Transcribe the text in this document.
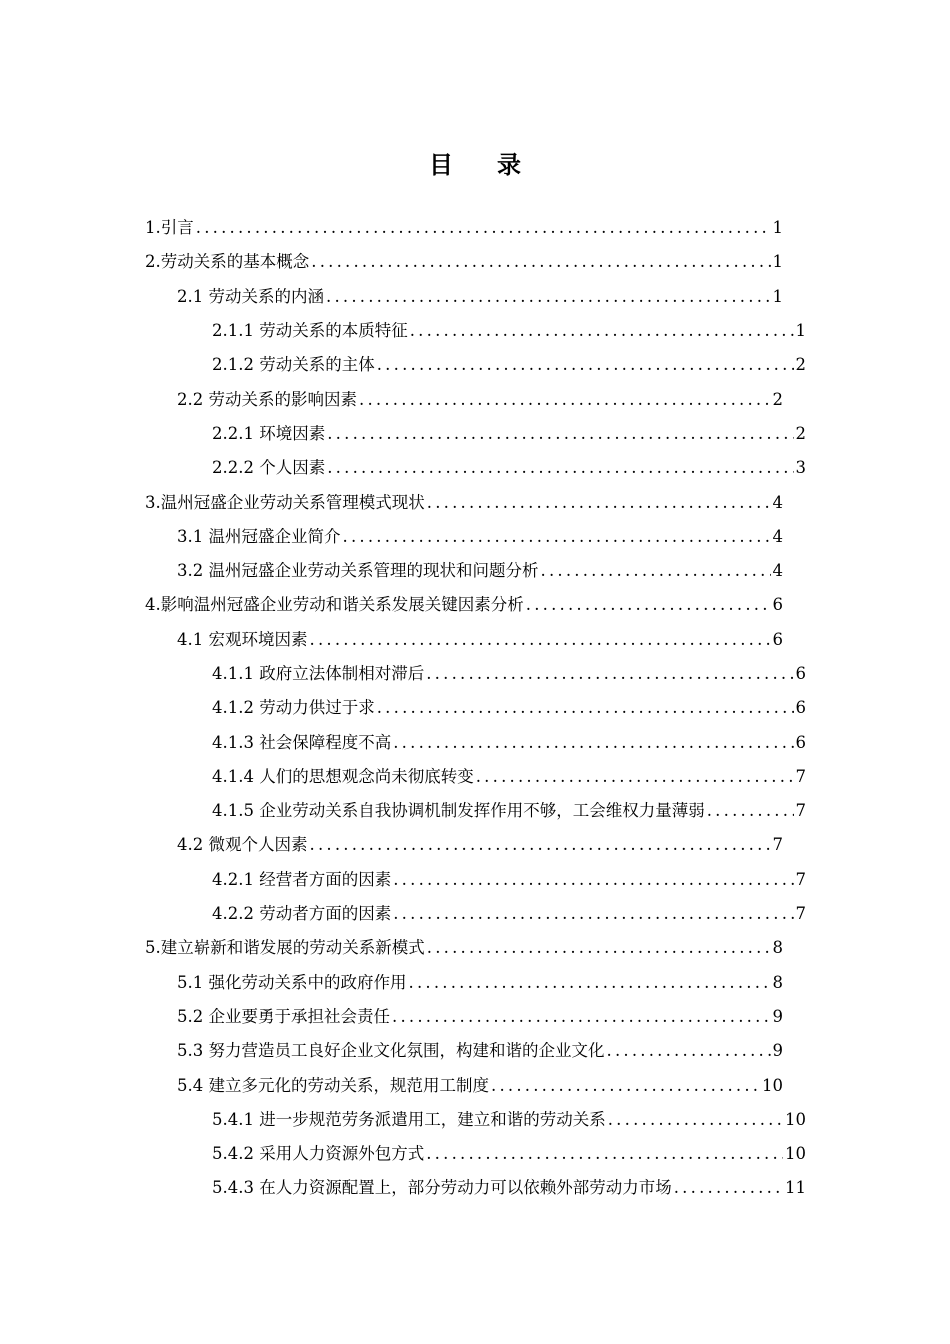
目录
1.引言 .....	1
2.劳动关系的基本概念 .....	1
2.1 劳动关系的内涵 .....	1
2.1.1 劳动关系的本质特征 .....	1
2.1.2 劳动关系的主体 .....	2
2.2 劳动关系的影响因素 .....	2
2.2.1 环境因素 .....	2
2.2.2 个人因素 .....	3
3.温州冠盛企业劳动关系管理模式现状 .....	4
3.1 温州冠盛企业简介 .....	4
3.2 温州冠盛企业劳动关系管理的现状和问题分析 .....	4
4.影响温州冠盛企业劳动和谐关系发展关键因素分析 .....	6
4.1 宏观环境因素 .....	6
4.1.1 政府立法体制相对滞后 .....	6
4.1.2 劳动力供过于求 .....	6
4.1.3 社会保障程度不高 .....	6
4.1.4 人们的思想观念尚未彻底转变 .....	7
4.1.5 企业劳动关系自我协调机制发挥作用不够，工会维权力量薄弱 .....	7
4.2 微观个人因素 .....	7
4.2.1 经营者方面的因素 .....	7
4.2.2 劳动者方面的因素 .....	7
5.建立崭新和谐发展的劳动关系新模式 .....	8
5.1 强化劳动关系中的政府作用 .....	8
5.2 企业要勇于承担社会责任 .....	9
5.3 努力营造员工良好企业文化氛围，构建和谐的企业文化 .....	9
5.4 建立多元化的劳动关系，规范用工制度 .....	10
5.4.1 进一步规范劳务派遣用工，建立和谐的劳动关系 .....	10
5.4.2 采用人力资源外包方式 .....	10
5.4.3 在人力资源配置上，部分劳动力可以依赖外部劳动力市场 .....	11
